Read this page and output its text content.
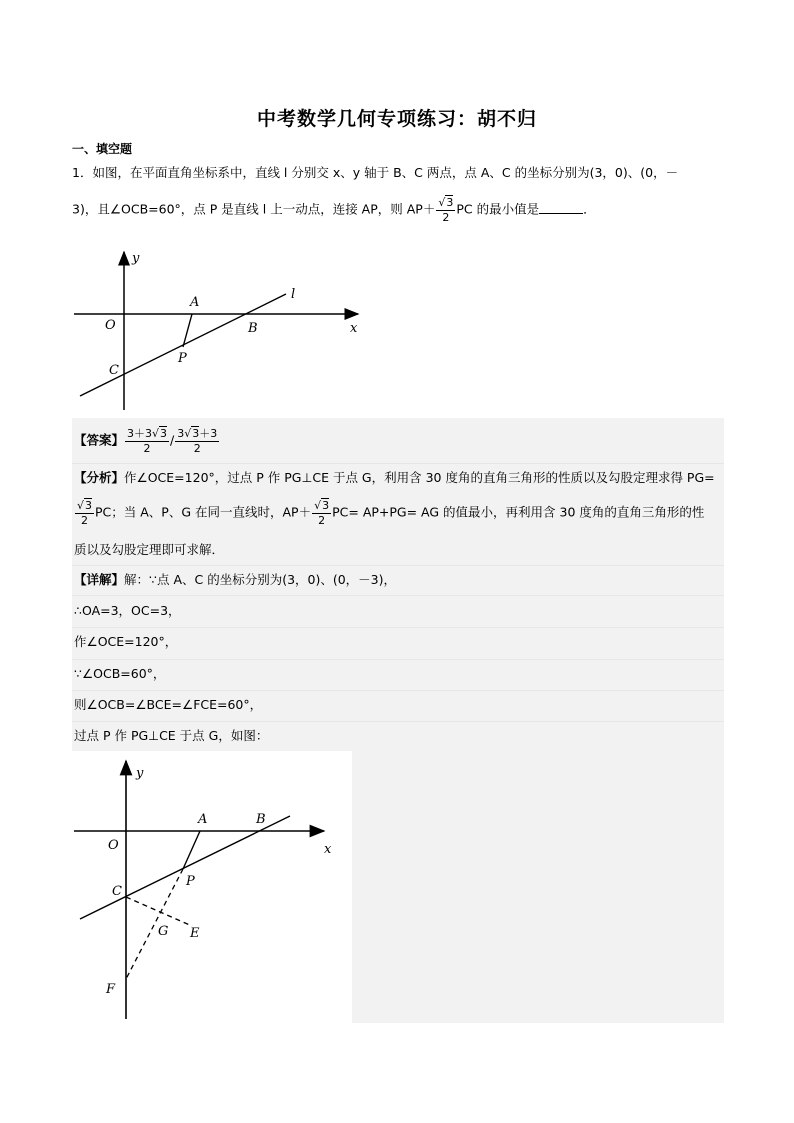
中考数学几何专项练习：胡不归
一、填空题
1．如图，在平面直角坐标系中，直线 l 分别交 x、y 轴于 B、C 两点，点 A、C 的坐标分别为(3，0)、(0，－
3)，且∠OCB=60°，点 P 是直线 l 上一动点，连接 AP，则 $AP+ \frac{√3}{2}$ PC 的最小值是	．
y
x
O
A
B
C
P
l
【答案】 $\frac{3+3√3}{2} / \frac{3√3+3}{2}$
【分析】作∠OCE=120°，过点 P 作 PG⊥CE 于点 G，利用含 30 度角的直角三角形的性质以及勾股定理求得 PG=
$\frac{√3}{2}$ PC；当 A、P、G 在同一直线时，$AP+ \frac{√3}{2} PC= AP+PG=$ AG 的值最小，再利用含 30 度角的直角三角形的性
质以及勾股定理即可求解．
【详解】解：∵点 A、C 的坐标分别为(3，0)、(0，－3)，
∴OA=3，OC=3，
作∠OCE=120°，
∵∠OCB=60°，
则∠OCB=∠BCE=∠FCE=60°，
过点 P 作 PG⊥CE 于点 G，如图：
y
x
O
A	B
C
P
G E
F
